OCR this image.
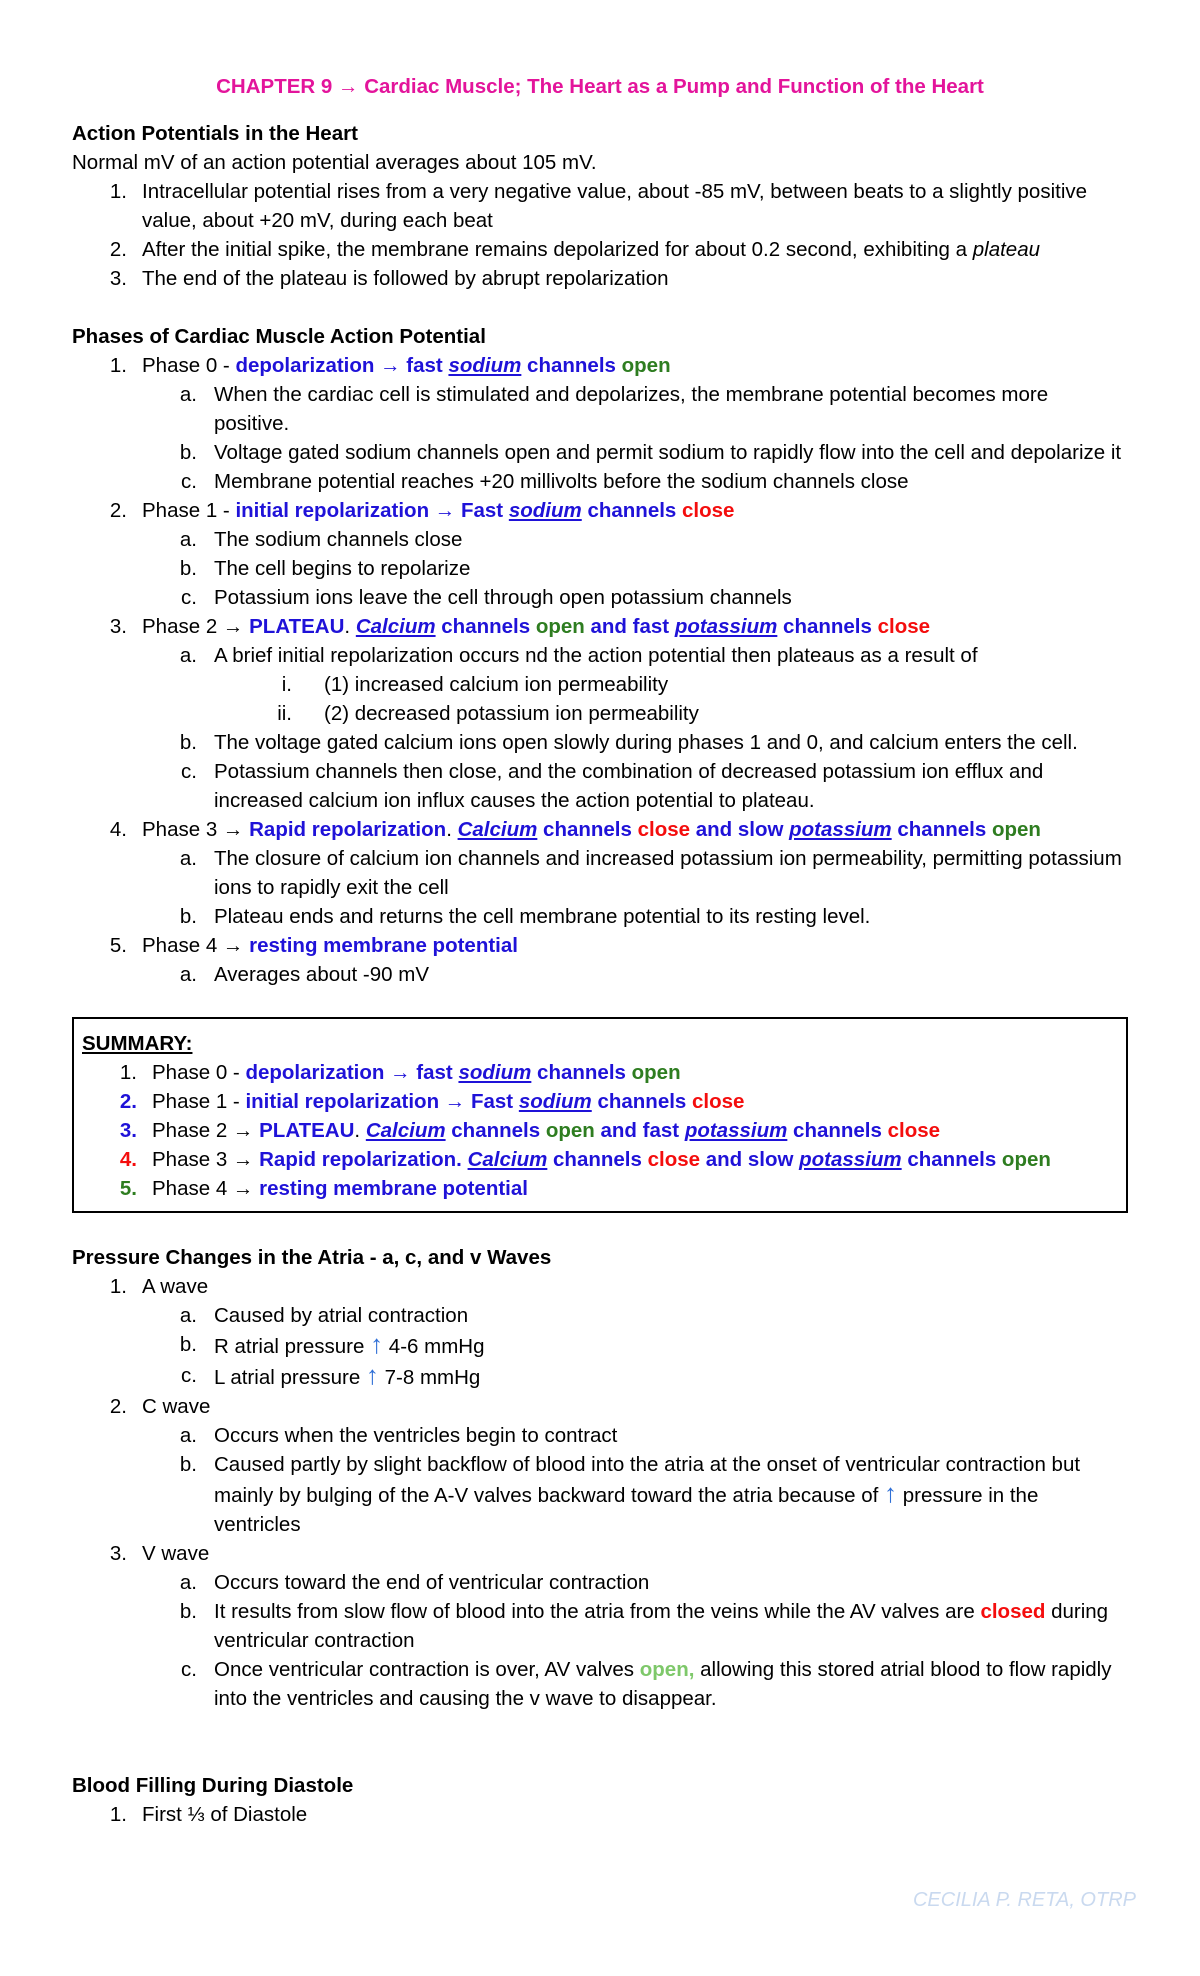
CHAPTER 9 → Cardiac Muscle; The Heart as a Pump and Function of the Heart
Action Potentials in the Heart
Normal mV of an action potential averages about 105 mV.
1. Intracellular potential rises from a very negative value, about -85 mV, between beats to a slightly positive value, about +20 mV, during each beat
2. After the initial spike, the membrane remains depolarized for about 0.2 second, exhibiting a plateau
3. The end of the plateau is followed by abrupt repolarization
Phases of Cardiac Muscle Action Potential
1. Phase 0 - depolarization → fast sodium channels open
a. When the cardiac cell is stimulated and depolarizes, the membrane potential becomes more positive.
b. Voltage gated sodium channels open and permit sodium to rapidly flow into the cell and depolarize it
c. Membrane potential reaches +20 millivolts before the sodium channels close
2. Phase 1 - initial repolarization → Fast sodium channels close
a. The sodium channels close
b. The cell begins to repolarize
c. Potassium ions leave the cell through open potassium channels
3. Phase 2 → PLATEAU. Calcium channels open and fast potassium channels close
a. A brief initial repolarization occurs nd the action potential then plateaus as a result of
i. (1) increased calcium ion permeability
ii. (2) decreased potassium ion permeability
b. The voltage gated calcium ions open slowly during phases 1 and 0, and calcium enters the cell.
c. Potassium channels then close, and the combination of decreased potassium ion efflux and increased calcium ion influx causes the action potential to plateau.
4. Phase 3 → Rapid repolarization. Calcium channels close and slow potassium channels open
a. The closure of calcium ion channels and increased potassium ion permeability, permitting potassium ions to rapidly exit the cell
b. Plateau ends and returns the cell membrane potential to its resting level.
5. Phase 4 → resting membrane potential
a. Averages about -90 mV
SUMMARY:
1. Phase 0 - depolarization → fast sodium channels open
2. Phase 1 - initial repolarization → Fast sodium channels close
3. Phase 2 → PLATEAU. Calcium channels open and fast potassium channels close
4. Phase 3 → Rapid repolarization. Calcium channels close and slow potassium channels open
5. Phase 4 → resting membrane potential
Pressure Changes in the Atria - a, c, and v Waves
1. A wave
a. Caused by atrial contraction
b. R atrial pressure ↑ 4-6 mmHg
c. L atrial pressure ↑ 7-8 mmHg
2. C wave
a. Occurs when the ventricles begin to contract
b. Caused partly by slight backflow of blood into the atria at the onset of ventricular contraction but mainly by bulging of the A-V valves backward toward the atria because of ↑ pressure in the ventricles
3. V wave
a. Occurs toward the end of ventricular contraction
b. It results from slow flow of blood into the atria from the veins while the AV valves are closed during ventricular contraction
c. Once ventricular contraction is over, AV valves open, allowing this stored atrial blood to flow rapidly into the ventricles and causing the v wave to disappear.
Blood Filling During Diastole
1. First ⅓ of Diastole
CECILIA P. RETA, OTRP
